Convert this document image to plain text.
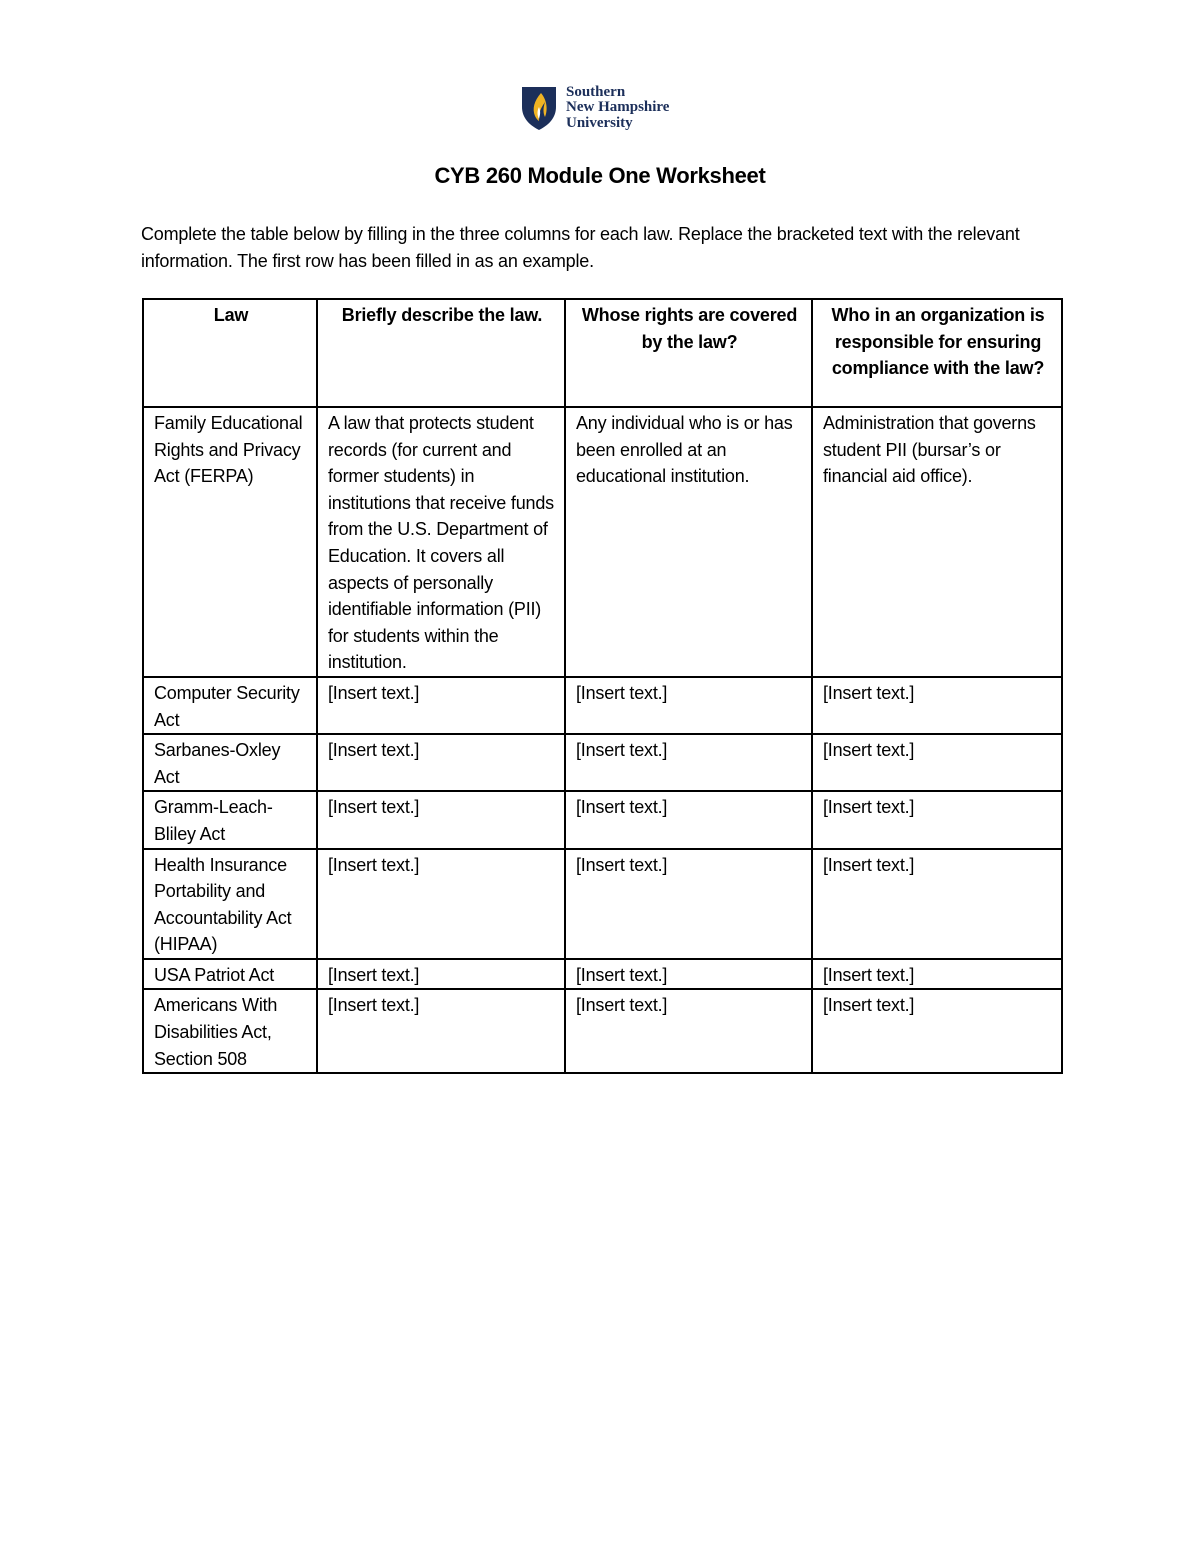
Southern
New Hampshire
University
CYB 260 Module One Worksheet
Complete the table below by filling in the three columns for each law. Replace the bracketed text with the relevant information. The first row has been filled in as an example.
Law	Briefly describe the law.	Whose rights are covered by the law?	Who in an organization is responsible for ensuring compliance with the law?
Family Educational Rights and Privacy Act (FERPA)	A law that protects student records (for current and former students) in institutions that receive funds from the U.S. Department of Education. It covers all aspects of personally identifiable information (PII) for students within the institution.	Any individual who is or has been enrolled at an educational institution.	Administration that governs student PII (bursar’s or financial aid office).
Computer Security Act	[Insert text.]	[Insert text.]	[Insert text.]
Sarbanes-Oxley Act	[Insert text.]	[Insert text.]	[Insert text.]
Gramm-Leach-Bliley Act	[Insert text.]	[Insert text.]	[Insert text.]
Health Insurance Portability and Accountability Act (HIPAA)	[Insert text.]	[Insert text.]	[Insert text.]
USA Patriot Act	[Insert text.]	[Insert text.]	[Insert text.]
Americans With Disabilities Act, Section 508	[Insert text.]	[Insert text.]	[Insert text.]
